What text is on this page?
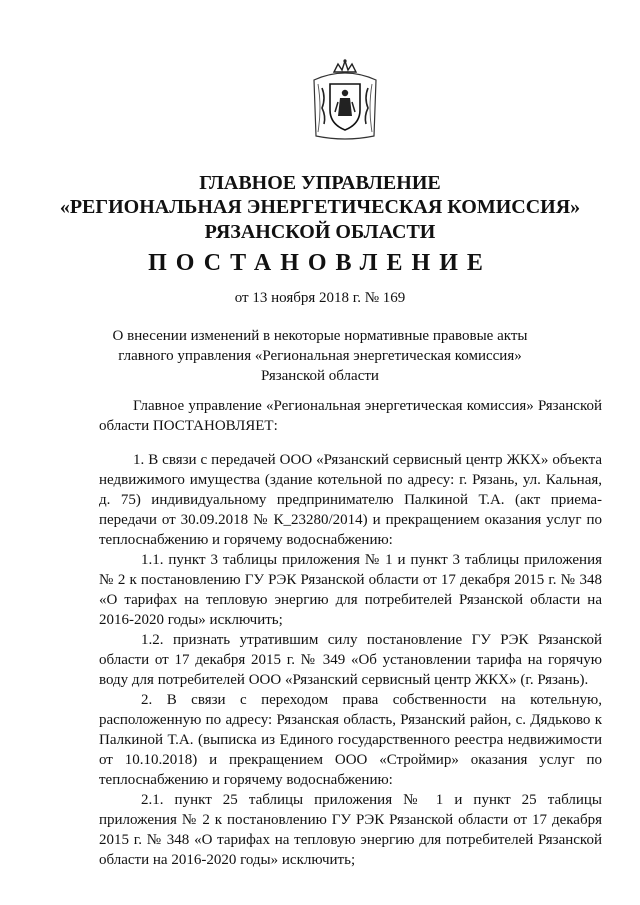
ГЛАВНОЕ УПРАВЛЕНИЕ
«РЕГИОНАЛЬНАЯ ЭНЕРГЕТИЧЕСКАЯ КОМИССИЯ»
РЯЗАНСКОЙ ОБЛАСТИ
ПОСТАНОВЛЕНИЕ
от 13 ноября 2018 г. № 169
О внесении изменений в некоторые нормативные правовые акты
главного управления «Региональная энергетическая комиссия»
Рязанской области

Главное управление «Региональная энергетическая комиссия» Рязанской области ПОСТАНОВЛЯЕТ:

1. В связи с передачей ООО «Рязанский сервисный центр ЖКХ» объекта недвижимого имущества (здание котельной по адресу: г. Рязань, ул. Кальная, д. 75) индивидуальному предпринимателю Палкиной Т.А. (акт приема-передачи от 30.09.2018 № К_23280/2014) и прекращением оказания услуг по теплоснабжению и горячему водоснабжению:

1.1. пункт 3 таблицы приложения № 1 и пункт 3 таблицы приложения № 2 к постановлению ГУ РЭК Рязанской области от 17 декабря 2015 г. № 348 «О тарифах на тепловую энергию для потребителей Рязанской области на 2016-2020 годы» исключить;

1.2. признать утратившим силу постановление ГУ РЭК Рязанской области от 17 декабря 2015 г. № 349 «Об установлении тарифа на горячую воду для потребителей ООО «Рязанский сервисный центр ЖКХ» (г. Рязань).

2. В связи с переходом права собственности на котельную, расположенную по адресу: Рязанская область, Рязанский район, с. Дядьково к Палкиной Т.А. (выписка из Единого государственного реестра недвижимости от 10.10.2018) и прекращением ООО «Строймир» оказания услуг по теплоснабжению и горячему водоснабжению:

2.1. пункт 25 таблицы приложения № 1 и пункт 25 таблицы приложения № 2 к постановлению ГУ РЭК Рязанской области от 17 декабря 2015 г. № 348 «О тарифах на тепловую энергию для потребителей Рязанской области на 2016-2020 годы» исключить;
